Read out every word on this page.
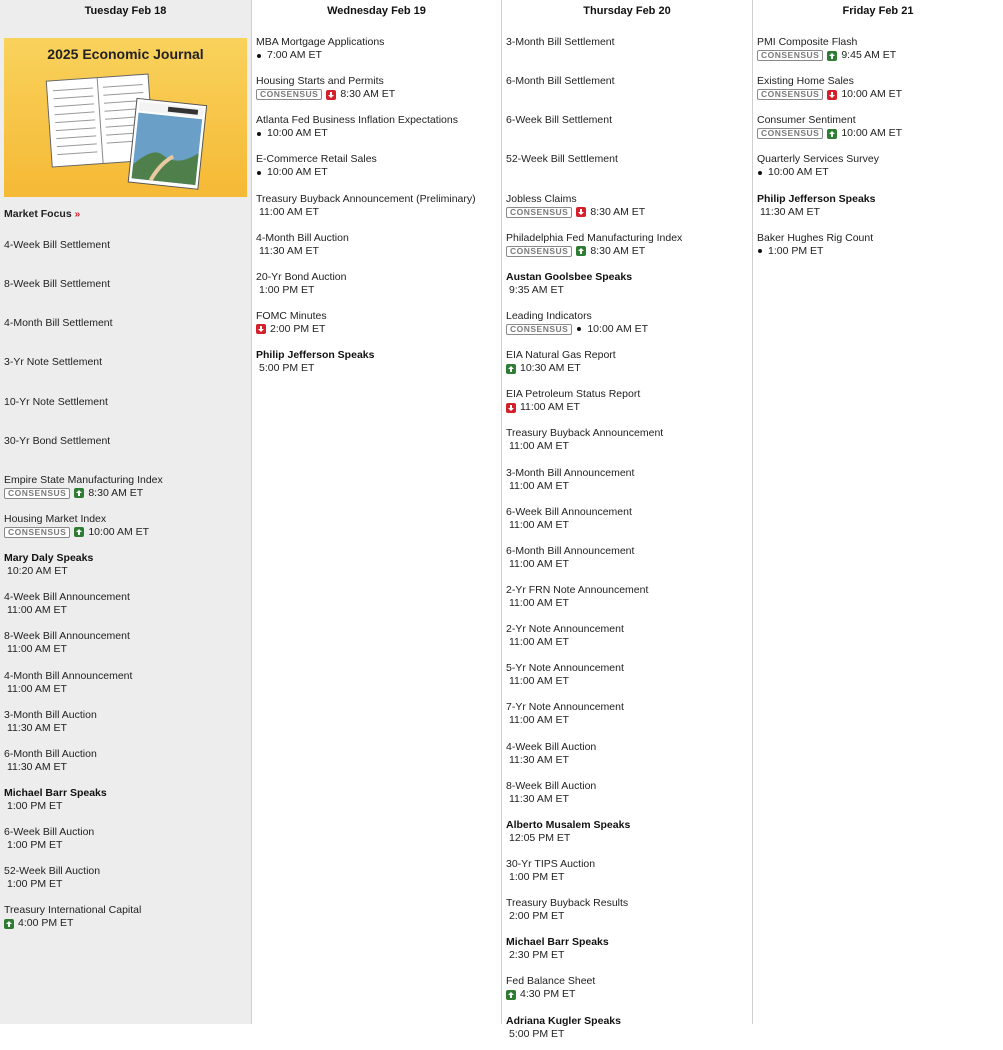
Tuesday Feb 18
2025 Economic Journal
Market Focus »
4-Week Bill Settlement
8-Week Bill Settlement
4-Month Bill Settlement
3-Yr Note Settlement
10-Yr Note Settlement
30-Yr Bond Settlement
Empire State Manufacturing Index
CONSENSUS	8:30 AM ET
Housing Market Index
CONSENSUS	10:00 AM ET
Mary Daly Speaks
10:20 AM ET
4-Week Bill Announcement
11:00 AM ET
8-Week Bill Announcement
11:00 AM ET
4-Month Bill Announcement
11:00 AM ET
3-Month Bill Auction
11:30 AM ET
6-Month Bill Auction
11:30 AM ET
Michael Barr Speaks
1:00 PM ET
6-Week Bill Auction
1:00 PM ET
52-Week Bill Auction
1:00 PM ET
Treasury International Capital
4:00 PM ET
Wednesday Feb 19
MBA Mortgage Applications
7:00 AM ET
Housing Starts and Permits
CONSENSUS	8:30 AM ET
Atlanta Fed Business Inflation Expectations
10:00 AM ET
E-Commerce Retail Sales
10:00 AM ET
Treasury Buyback Announcement (Preliminary)
11:00 AM ET
4-Month Bill Auction
11:30 AM ET
20-Yr Bond Auction
1:00 PM ET
FOMC Minutes
2:00 PM ET
Philip Jefferson Speaks
5:00 PM ET
Thursday Feb 20
3-Month Bill Settlement
6-Month Bill Settlement
6-Week Bill Settlement
52-Week Bill Settlement
Jobless Claims
CONSENSUS	8:30 AM ET
Philadelphia Fed Manufacturing Index
CONSENSUS	8:30 AM ET
Austan Goolsbee Speaks
9:35 AM ET
Leading Indicators
CONSENSUS	10:00 AM ET
EIA Natural Gas Report
10:30 AM ET
EIA Petroleum Status Report
11:00 AM ET
Treasury Buyback Announcement
11:00 AM ET
3-Month Bill Announcement
11:00 AM ET
6-Week Bill Announcement
11:00 AM ET
6-Month Bill Announcement
11:00 AM ET
2-Yr FRN Note Announcement
11:00 AM ET
2-Yr Note Announcement
11:00 AM ET
5-Yr Note Announcement
11:00 AM ET
7-Yr Note Announcement
11:00 AM ET
4-Week Bill Auction
11:30 AM ET
8-Week Bill Auction
11:30 AM ET
Alberto Musalem Speaks
12:05 PM ET
30-Yr TIPS Auction
1:00 PM ET
Treasury Buyback Results
2:00 PM ET
Michael Barr Speaks
2:30 PM ET
Fed Balance Sheet
4:30 PM ET
Adriana Kugler Speaks
5:00 PM ET
Friday Feb 21
PMI Composite Flash
CONSENSUS	9:45 AM ET
Existing Home Sales
CONSENSUS	10:00 AM ET
Consumer Sentiment
CONSENSUS	10:00 AM ET
Quarterly Services Survey
10:00 AM ET
Philip Jefferson Speaks
11:30 AM ET
Baker Hughes Rig Count
1:00 PM ET
